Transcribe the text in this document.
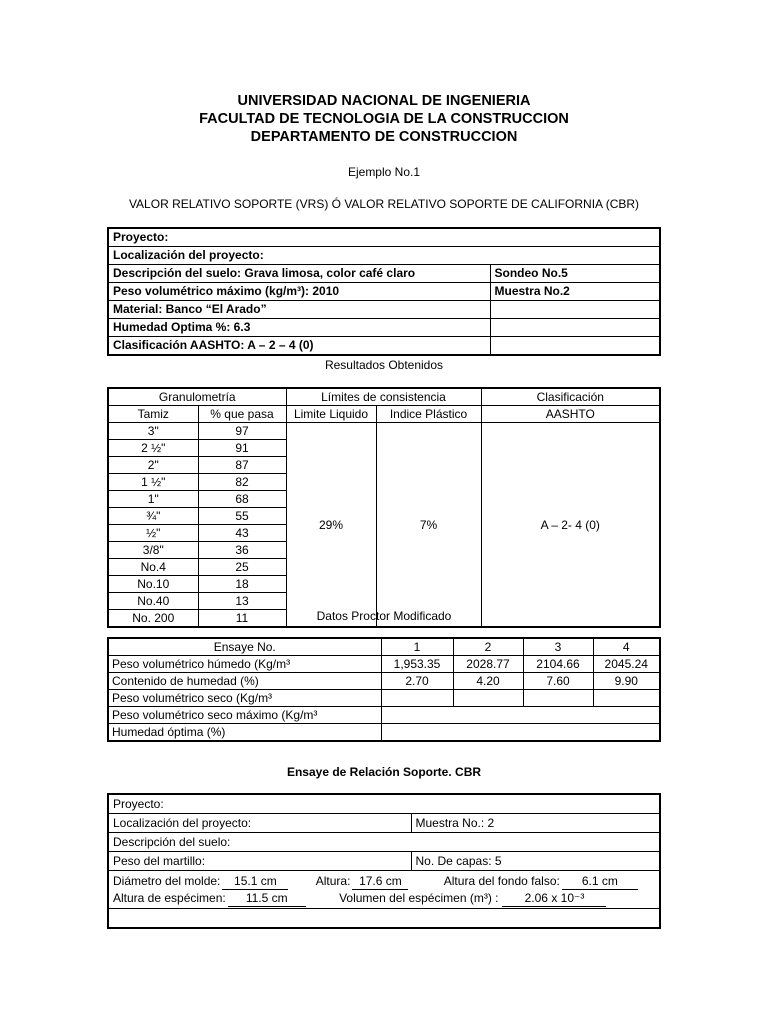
UNIVERSIDAD NACIONAL DE INGENIERIA
FACULTAD DE TECNOLOGIA DE LA CONSTRUCCION
DEPARTAMENTO DE CONSTRUCCION
Ejemplo No.1
VALOR RELATIVO SOPORTE (VRS) Ó VALOR RELATIVO SOPORTE DE CALIFORNIA (CBR)
Proyecto:	
Localización del proyecto:	
Descripción del suelo: Grava limosa, color café claro	Sondeo No.5
Peso volumétrico máximo (kg/m³): 2010	Muestra No.2
Material: Banco “El Arado”	
Humedad Optima %: 6.3	
Clasificación AASHTO: A – 2 – 4 (0)	
Resultados Obtenidos
Granulometría		Límites de consistencia		Clasificación
Tamiz	% que pasa	Limite Liquido	Indice Plástico	AASHTO
3"	97	29%	7%	A – 2- 4 (0)
2 ½"	91			
2"	87			
1 ½"	82			
1"	68			
¾"	55			
½"	43			
3/8"	36			
No.4	25			
No.10	18			
No.40	13			
No. 200	11				Datos Proctor Modificado
Ensaye No.	1	2	3	4
Peso volumétrico húmedo (Kg/m³	1,953.35	2028.77	2104.66	2045.24
Contenido de humedad (%)	2.70	4.20	7.60	9.90
Peso volumétrico seco (Kg/m³				
Peso volumétrico seco máximo (Kg/m³				
Humedad óptima (%)				
Ensaye de Relación Soporte. CBR
Proyecto:	
Localización del proyecto:	Muestra No.: 2
Descripción del suelo:	
Peso del martillo:	No. De capas: 5

Diámetro del molde: 15.1 cm Altura: 17.6 cm Altura del fondo falso: 6.1 cm
Altura de espécimen: 11.5 cm Volumen del espécimen (m³) : 2.06 x 10⁻³	
